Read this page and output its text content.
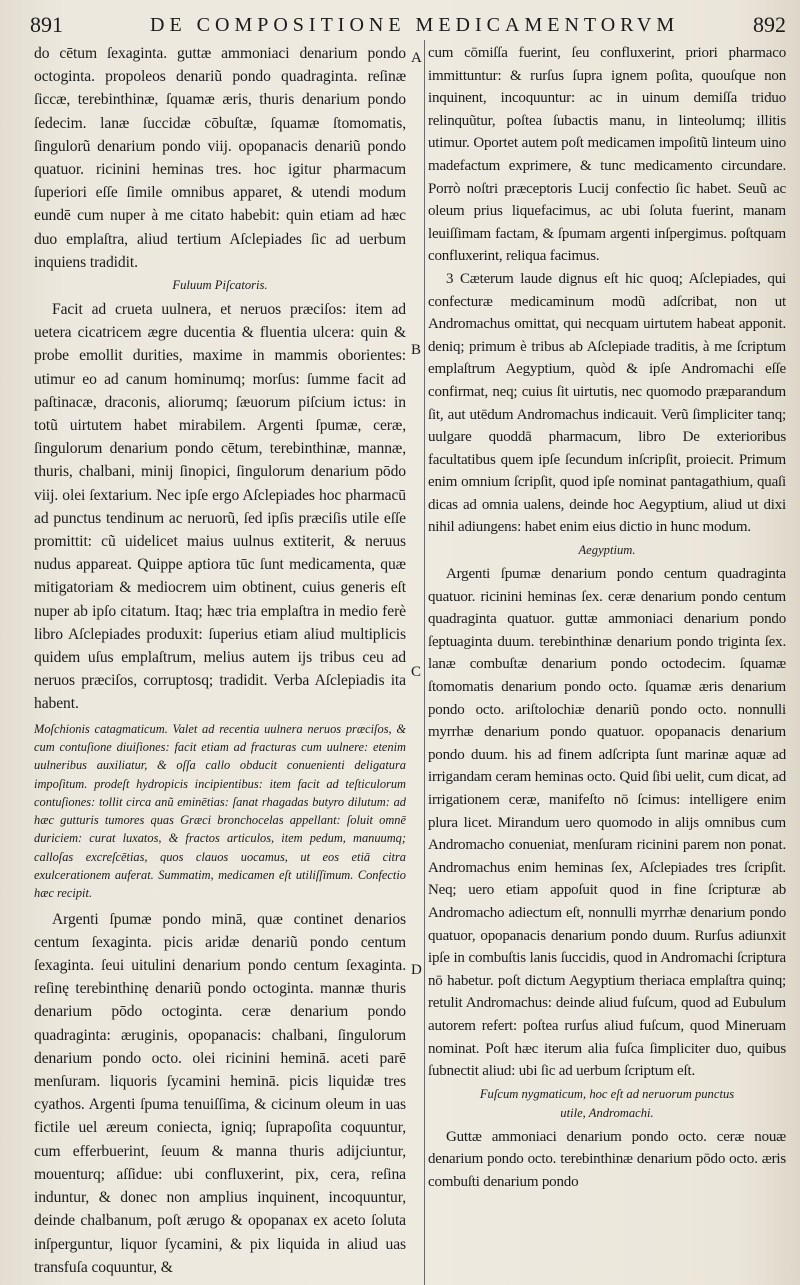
891	DE COMPOSITIONE MEDICAMENTORVM	892
A
B
C
D

do cētum ſexaginta. guttæ ammoniaci denarium pondo octoginta. propoleos denariũ pondo quadraginta. reſinæ ſiccæ, terebinthinæ, ſquamæ æris, thuris denarium pondo ſedecim. lanæ ſuccidæ cōbuſtæ, ſquamæ ſtomomatis, ſingulorũ denarium pondo viij. opopanacis denariũ pondo quatuor. ricinini heminas tres. hoc igitur pharmacum ſuperiori eſſe ſimile omnibus apparet, & utendi modum eundē cum nuper à me citato habebit: quin etiam ad hæc duo emplaſtra, aliud tertium Aſclepiades ſic ad uerbum inquiens tradidit.

Fuluum Piſcatoris.

Facit ad crueta uulnera, et neruos præciſos: item ad uetera cicatricem ægre ducentia & fluentia ulcera: quin & probe emollit durities, maxime in mammis oborientes: utimur eo ad canum hominumq; morſus: ſumme facit ad paſtinacæ, draconis, aliorumq; ſæuorum piſcium ictus: in totũ uirtutem habet mirabilem. Argenti ſpumæ, ceræ, ſingulorum denarium pondo cētum, terebinthinæ, mannæ, thuris, chalbani, minij ſinopici, ſingulorum denarium pōdo viij. olei ſextarium. Nec ipſe ergo Aſclepiades hoc pharmacū ad punctus tendinum ac neruorũ, ſed ipſis præciſis utile eſſe promittit: cũ uidelicet maius uulnus extiterit, & neruus nudus appareat. Quippe aptiora tūc ſunt medicamenta, quæ mitigatoriam & mediocrem uim obtinent, cuius generis eſt nuper ab ipſo citatum. Itaq; hæc tria emplaſtra in medio ferè libro Aſclepiades produxit: ſuperius etiam aliud multiplicis quidem uſus emplaſtrum, melius autem ijs tribus ceu ad neruos præciſos, corruptosq; tradidit. Verba Aſclepiadis ita habent.

Moſchionis catagmaticum. Valet ad recentia uulnera neruos præciſos, & cum contuſione diuiſiones: facit etiam ad fracturas cum uulnere: etenim uulneribus auxiliatur, & oſſa callo obducit conuenienti deligatura impoſitum. prodeſt hydropicis incipientibus: item facit ad teſticulorum contuſiones: tollit circa anũ eminētias: ſanat rhagadas butyro dilutum: ad hæc gutturis tumores quas Græci bronchocelas appellant: ſoluit omnē duriciem: curat luxatos, & fractos articulos, item pedum, manuumq; calloſas excreſcētias, quos clauos uocamus, ut eos etiā citra exulcerationem auferat. Summatim, medicamen eſt utiliſſimum. Confectio hæc recipit.

Argenti ſpumæ pondo minā, quæ continet denarios centum ſexaginta. picis aridæ denariũ pondo centum ſexaginta. ſeui uitulini denarium pondo centum ſexaginta. reſinę terebinthinę denariũ pondo octoginta. mannæ thuris denarium pōdo octoginta. ceræ denarium pondo quadraginta: æruginis, opopanacis: chalbani, ſingulorum denarium pondo octo. olei ricinini heminā. aceti parē menſuram. liquoris ſycamini heminā. picis liquidæ tres cyathos. Argenti ſpuma tenuiſſima, & cicinum oleum in uas fictile uel æreum coniecta, igniq; ſuprapoſita coquuntur, cum efferbuerint, ſeuum & manna thuris adijciuntur, mouenturq; aſſidue: ubi confluxerint, pix, cera, reſina induntur, & donec non amplius inquinent, incoquuntur, deinde chalbanum, poſt ærugo & opopanax ex aceto ſoluta inſperguntur, liquor ſycamini, & pix liquida in aliud uas transfuſa coquuntur, &

cum cōmiſſa fuerint, ſeu confluxerint, priori pharmaco immittuntur: & rurſus ſupra ignem poſita, quouſque non inquinent, incoquuntur: ac in uinum demiſſa triduo relinquũtur, poſtea ſubactis manu, in linteolumq; illitis utimur. Oportet autem poſt medicamen impoſitũ linteum uino madefactum exprimere, & tunc medicamento circundare. Porrò noſtri præceptoris Lucij confectio ſic habet. Seuũ ac oleum prius liquefacimus, ac ubi ſoluta fuerint, manam leuiſſimam factam, & ſpumam argenti inſpergimus. poſtquam confluxerint, reliqua facimus.

3 Cæterum laude dignus eſt hic quoq; Aſclepiades, qui confecturæ medicaminum modũ adſcribat, non ut Andromachus omittat, qui necquam uirtutem habeat apponit. deniq; primum è tribus ab Aſclepiade traditis, à me ſcriptum emplaſtrum Aegyptium, quòd & ipſe Andromachi eſſe confirmat, neq; cuius ſit uirtutis, nec quomodo præparandum ſit, aut utēdum Andromachus indicauit. Verũ ſimpliciter tanq; uulgare quoddā pharmacum, libro De exterioribus facultatibus quem ipſe ſecundum inſcripſit, proiecit. Primum enim omnium ſcripſit, quod ipſe nominat pantagathium, quaſi dicas ad omnia ualens, deinde hoc Aegyptium, aliud ut dixi nihil adiungens: habet enim eius dictio in hunc modum.

Aegyptium.

Argenti ſpumæ denarium pondo centum quadraginta quatuor. ricinini heminas ſex. ceræ denarium pondo centum quadraginta quatuor. guttæ ammoniaci denarium pondo ſeptuaginta duum. terebinthinæ denarium pondo triginta ſex. lanæ combuſtæ denarium pondo octodecim. ſquamæ ſtomomatis denarium pondo octo. ſquamæ æris denarium pondo octo. ariſtolochiæ denariũ pondo octo. nonnulli myrrhæ denarium pondo quatuor. opopanacis denarium pondo duum. his ad finem adſcripta ſunt marinæ aquæ ad irrigandam ceram heminas octo. Quid ſibi uelit, cum dicat, ad irrigationem ceræ, manifeſto nō ſcimus: intelligere enim plura licet. Mirandum uero quomodo in alijs omnibus cum Andromacho conueniat, menſuram ricinini parem non ponat. Andromachus enim heminas ſex, Aſclepiades tres ſcripſit. Neq; uero etiam appoſuit quod in fine ſcripturæ ab Andromacho adiectum eſt, nonnulli myrrhæ denarium pondo quatuor, opopanacis denarium pondo duum. Rurſus adiunxit ipſe in combuſtis lanis ſuccidis, quod in Andromachi ſcriptura nō habetur. poſt dictum Aegyptium theriaca emplaſtra quinq; retulit Andromachus: deinde aliud fuſcum, quod ad Eubulum autorem refert: poſtea rurſus aliud fuſcum, quod Mineruam nominat. Poſt hæc iterum alia fuſca ſimpliciter duo, quibus ſubnectit aliud: ubi ſic ad uerbum ſcriptum eſt.

Fuſcum nygmaticum, hoc eſt ad neruorum punctus
utile, Andromachi.

Guttæ ammoniaci denarium pondo octo. ceræ nouæ denarium pondo octo. terebinthinæ denarium pōdo octo. æris combuſti denarium pondo
